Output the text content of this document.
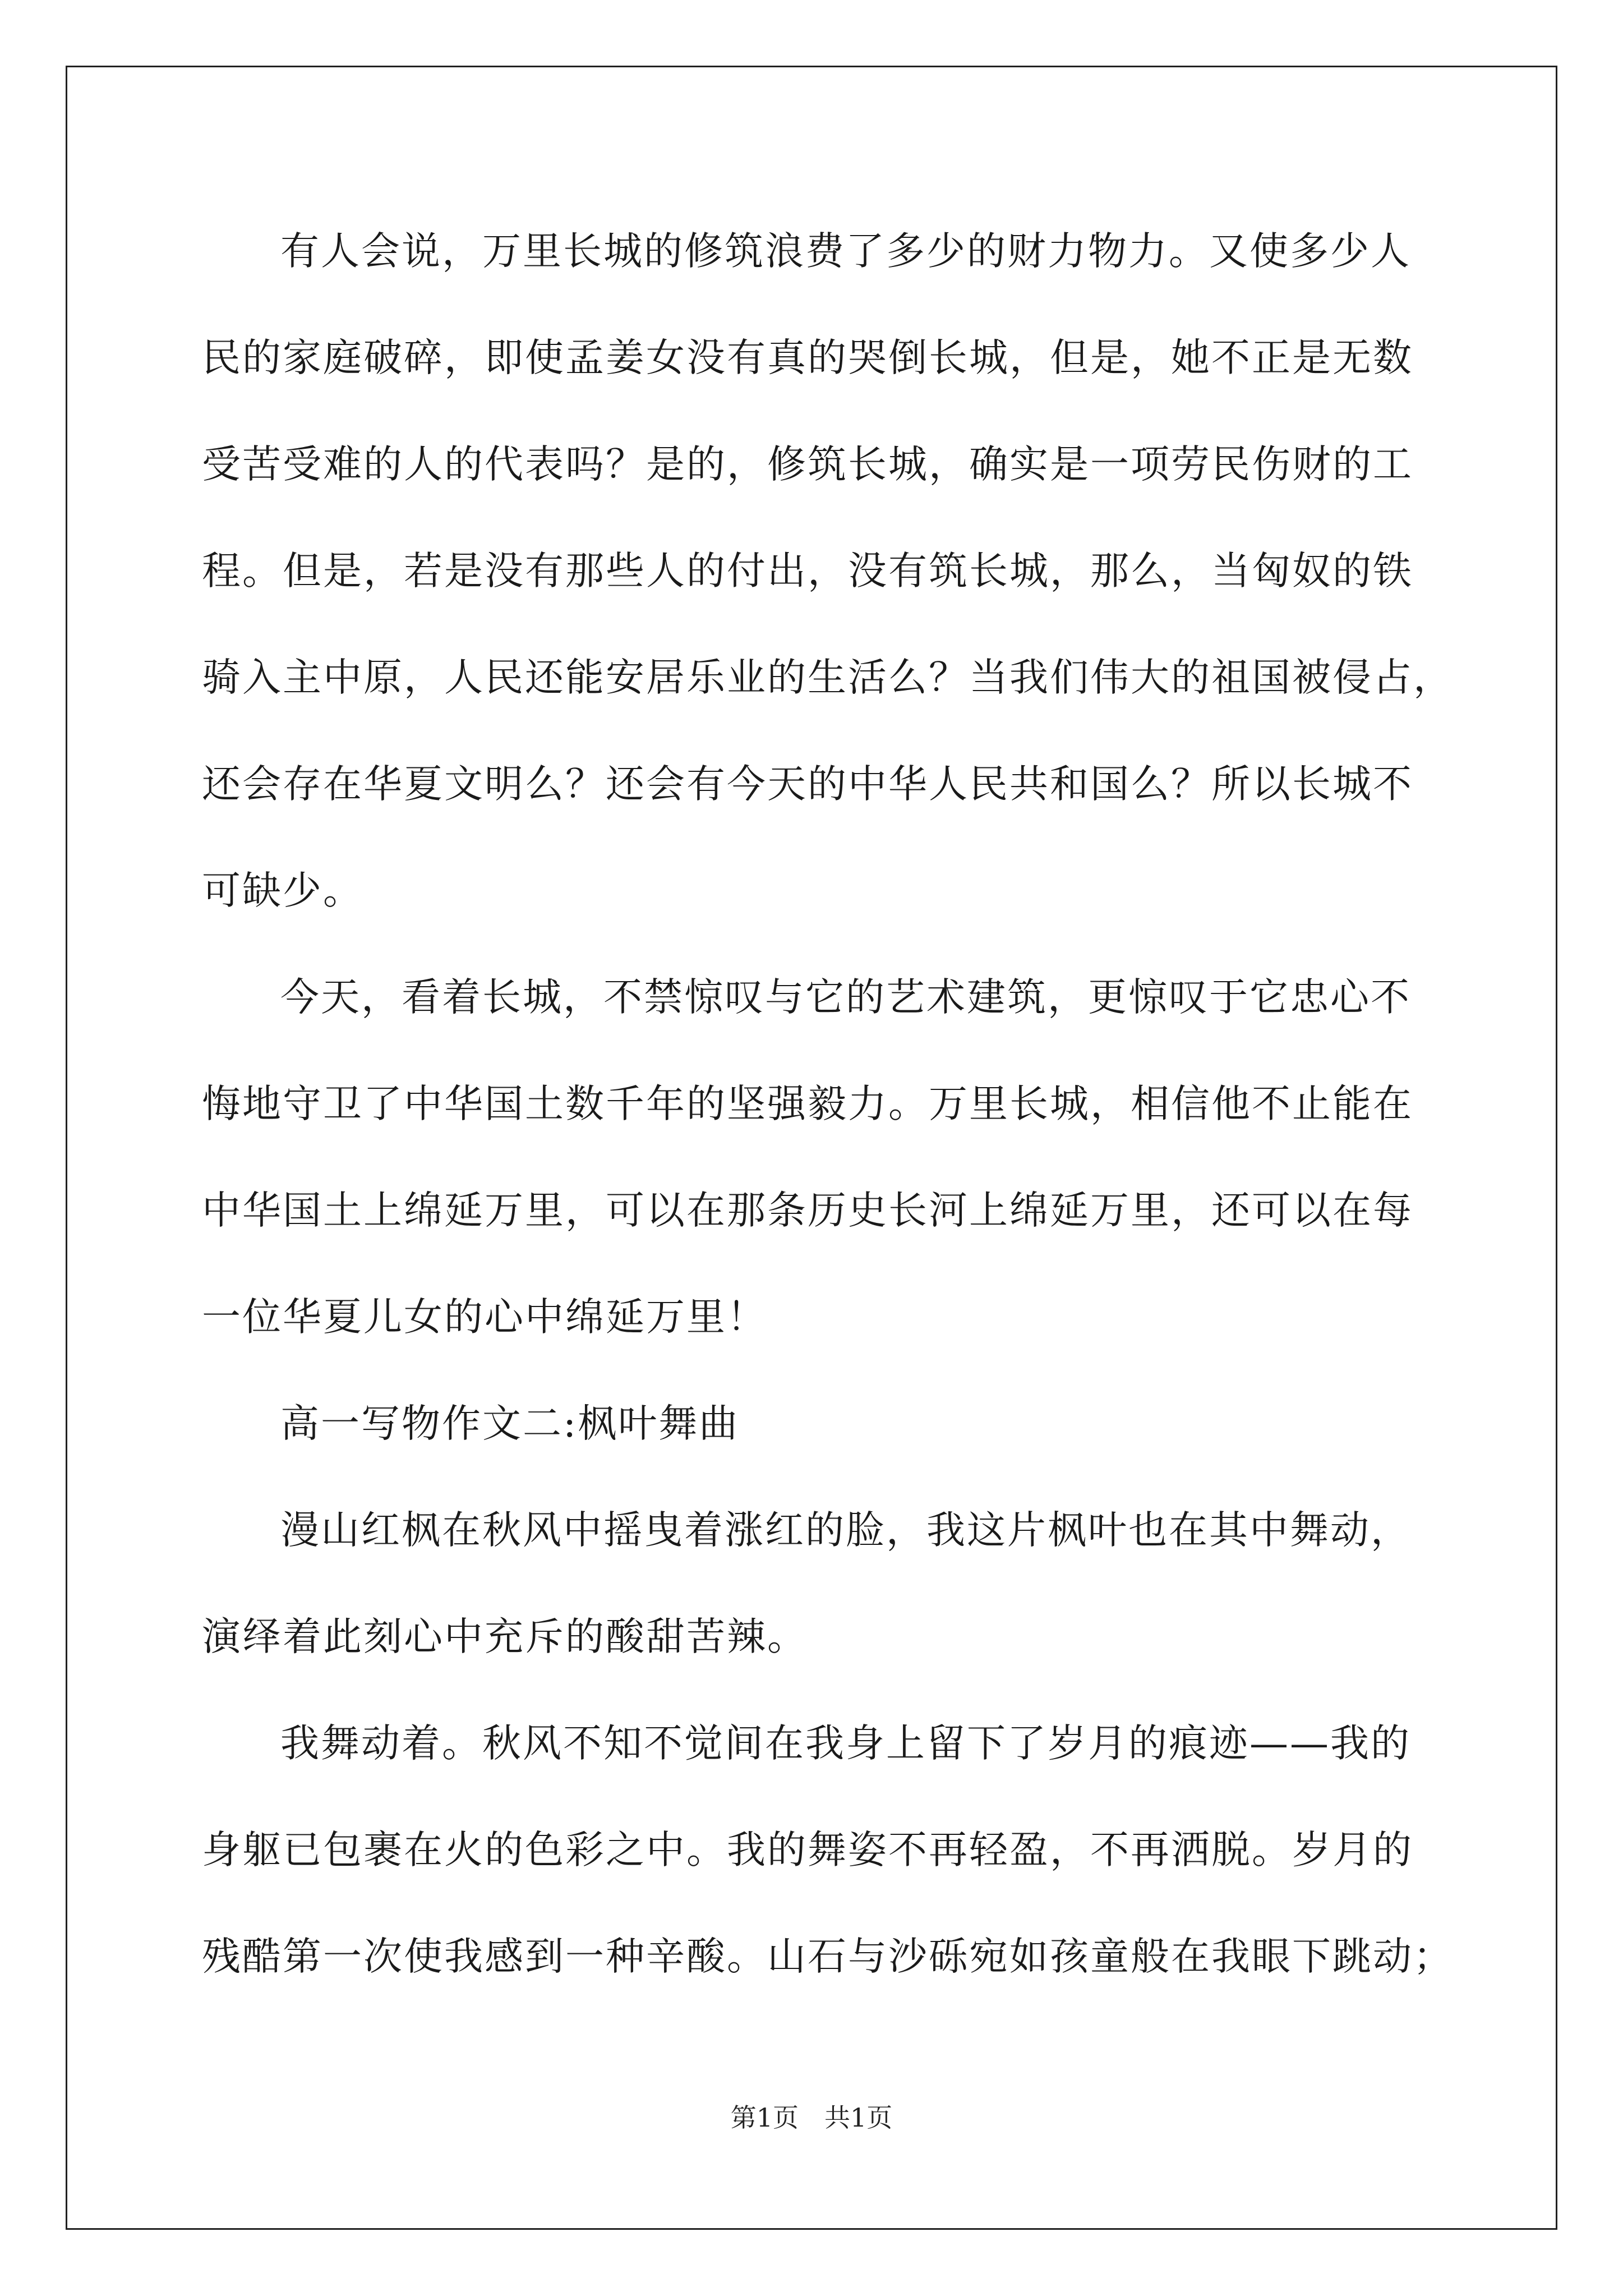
有人会说，万里长城的修筑浪费了多少的财力物力。又使多少人
民的家庭破碎，即使孟姜女没有真的哭倒长城，但是，她不正是无数
受苦受难的人的代表吗？是的，修筑长城，确实是一项劳民伤财的工
程。但是，若是没有那些人的付出，没有筑长城，那么，当匈奴的铁
骑入主中原，人民还能安居乐业的生活么？当我们伟大的祖国被侵占，
还会存在华夏文明么？还会有今天的中华人民共和国么？所以长城不
可缺少。
今天，看着长城，不禁惊叹与它的艺术建筑，更惊叹于它忠心不
悔地守卫了中华国土数千年的坚强毅力。万里长城，相信他不止能在
中华国土上绵延万里，可以在那条历史长河上绵延万里，还可以在每
一位华夏儿女的心中绵延万里！
高一写物作文二:枫叶舞曲
漫山红枫在秋风中摇曳着涨红的脸，我这片枫叶也在其中舞动，
演绎着此刻心中充斥的酸甜苦辣。
我舞动着。秋风不知不觉间在我身上留下了岁月的痕迹——我的
身躯已包裹在火的色彩之中。我的舞姿不再轻盈，不再洒脱。岁月的
残酷第一次使我感到一种辛酸。山石与沙砾宛如孩童般在我眼下跳动；
第1页　共1页
